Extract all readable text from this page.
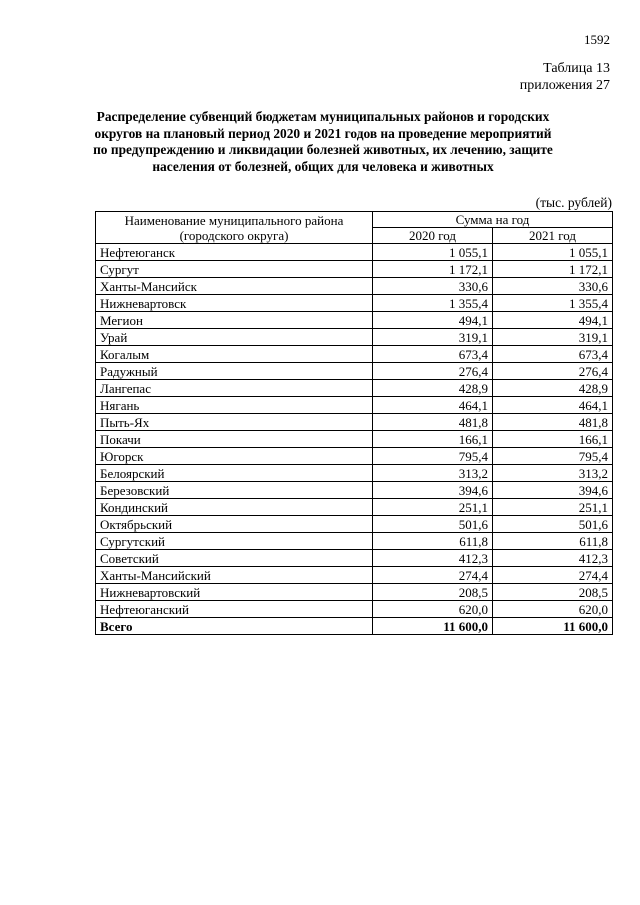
1592
Таблица 13
приложения 27
Распределение субвенций бюджетам муниципальных районов и городских округов на плановый период 2020 и 2021 годов на проведение мероприятий по предупреждению и ликвидации болезней животных, их лечению, защите населения от болезней, общих для человека и животных
(тыс. рублей)
Наименование муниципального района
(городского округа)	Сумма на год	
	2020 год	2021 год
Нефтеюганск	1 055,1	1 055,1
Сургут	1 172,1	1 172,1
Ханты-Мансийск	330,6	330,6
Нижневартовск	1 355,4	1 355,4
Мегион	494,1	494,1
Урай	319,1	319,1
Когалым	673,4	673,4
Радужный	276,4	276,4
Лангепас	428,9	428,9
Нягань	464,1	464,1
Пыть-Ях	481,8	481,8
Покачи	166,1	166,1
Югорск	795,4	795,4
Белоярский	313,2	313,2
Березовский	394,6	394,6
Кондинский	251,1	251,1
Октябрьский	501,6	501,6
Сургутский	611,8	611,8
Советский	412,3	412,3
Ханты-Мансийский	274,4	274,4
Нижневартовский	208,5	208,5
Нефтеюганский	620,0	620,0
Всего	11 600,0	11 600,0
